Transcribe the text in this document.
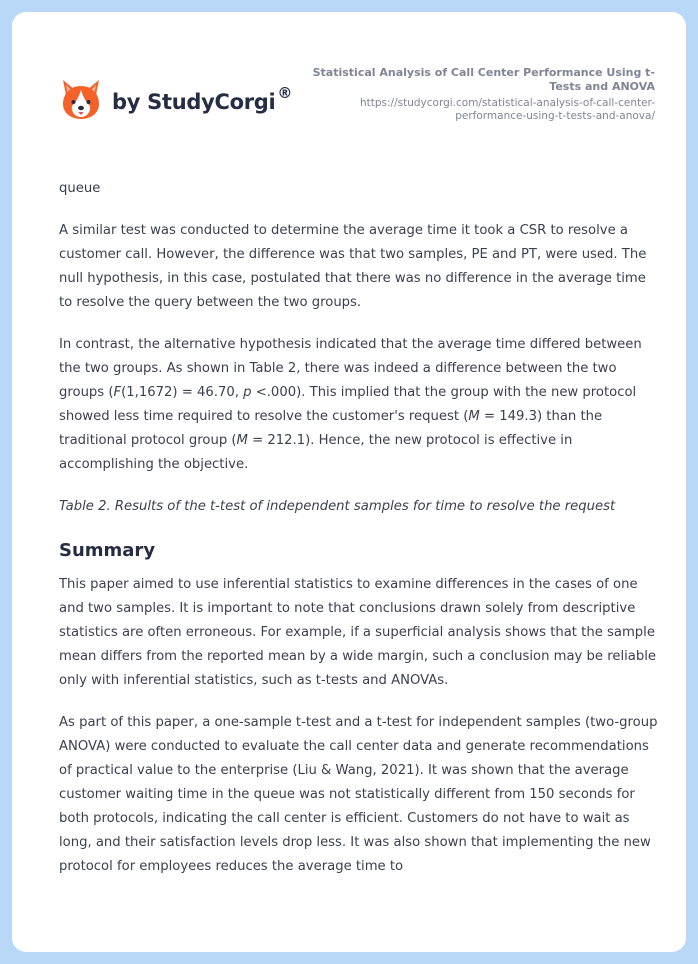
by StudyCorgi ®
Statistical Analysis of Call Center Performance Using t-Tests and ANOVA
https://studycorgi.com/statistical-analysis-of-call-center-performance-using-t-tests-and-anova/

queue

A similar test was conducted to determine the average time it took a CSR to resolve a customer call. However, the difference was that two samples, PE and PT, were used. The null hypothesis, in this case, postulated that there was no difference in the average time to resolve the query between the two groups.

In contrast, the alternative hypothesis indicated that the average time differed between the two groups. As shown in Table 2, there was indeed a difference between the two groups (F(1,1672) = 46.70, p <.000). This implied that the group with the new protocol showed less time required to resolve the customer's request (M = 149.3) than the traditional protocol group (M = 212.1). Hence, the new protocol is effective in accomplishing the objective.

Table 2. Results of the t-test of independent samples for time to resolve the request

Summary

This paper aimed to use inferential statistics to examine differences in the cases of one and two samples. It is important to note that conclusions drawn solely from descriptive statistics are often erroneous. For example, if a superficial analysis shows that the sample mean differs from the reported mean by a wide margin, such a conclusion may be reliable only with inferential statistics, such as t-tests and ANOVAs.

As part of this paper, a one-sample t-test and a t-test for independent samples (two-group ANOVA) were conducted to evaluate the call center data and generate recommendations of practical value to the enterprise (Liu & Wang, 2021). It was shown that the average customer waiting time in the queue was not statistically different from 150 seconds for both protocols, indicating the call center is efficient. Customers do not have to wait as long, and their satisfaction levels drop less. It was also shown that implementing the new protocol for employees reduces the average time to
